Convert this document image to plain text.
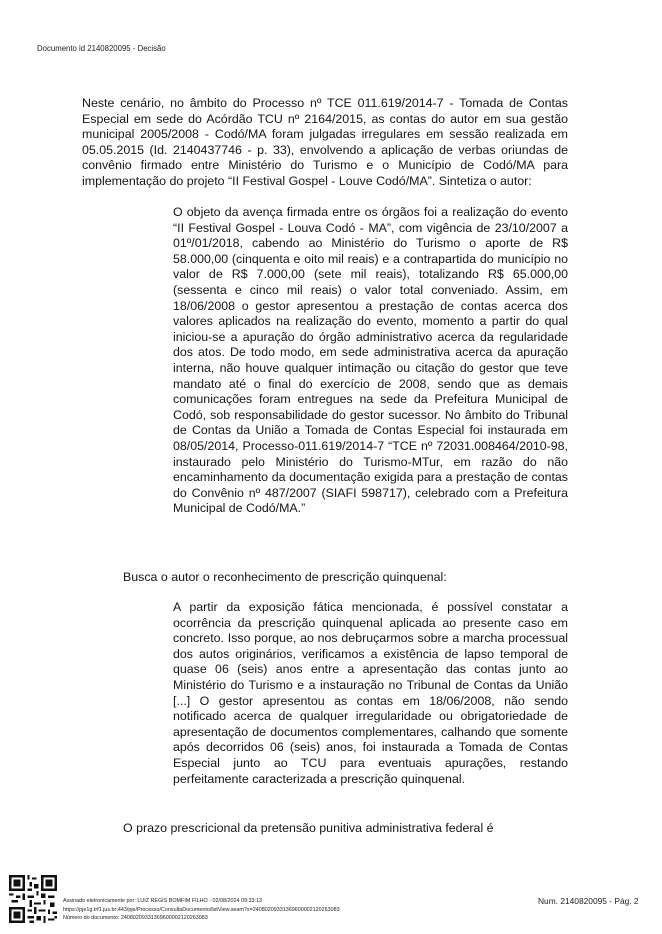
Documento id 2140820095 - Decisão

Neste cenário, no âmbito do Processo nº TCE 011.619/2014-7 - Tomada de Contas Especial em sede do Acórdão TCU nº 2164/2015, as contas do autor em sua gestão municipal 2005/2008 - Codó/MA foram julgadas irregulares em sessão realizada em 05.05.2015 (Id. 2140437746 - p. 33), envolvendo a aplicação de verbas oriundas de convênio firmado entre Ministério do Turismo e o Município de Codó/MA para implementação do projeto “II Festival Gospel - Louve Codó/MA”. Sintetiza o autor:

O objeto da avença firmada entre os órgãos foi a realização do evento “II Festival Gospel - Louva Codó - MA”, com vigência de 23/10/2007 a 01º/01/2018, cabendo ao Ministério do Turismo o aporte de R$ 58.000,00 (cinquenta e oito mil reais) e a contrapartida do município no valor de R$ 7.000,00 (sete mil reais), totalizando R$ 65.000,00 (sessenta e cinco mil reais) o valor total conveniado. Assim, em 18/06/2008 o gestor apresentou a prestação de contas acerca dos valores aplicados na realização do evento, momento a partir do qual iniciou-se a apuração do órgão administrativo acerca da regularidade dos atos. De todo modo, em sede administrativa acerca da apuração interna, não houve qualquer intimação ou citação do gestor que teve mandato até o final do exercício de 2008, sendo que as demais comunicações foram entregues na sede da Prefeitura Municipal de Codó, sob responsabilidade do gestor sucessor. No âmbito do Tribunal de Contas da União a Tomada de Contas Especial foi instaurada em 08/05/2014, Processo-011.619/2014-7 “TCE nº 72031.008464/2010-98, instaurado pelo Ministério do Turismo-MTur, em razão do não encaminhamento da documentação exigida para a prestação de contas do Convênio nº 487/2007 (SIAFI 598717), celebrado com a Prefeitura Municipal de Codó/MA.”

Busca o autor o reconhecimento de prescrição quinquenal:

A partir da exposição fática mencionada, é possível constatar a ocorrência da prescrição quinquenal aplicada ao presente caso em concreto. Isso porque, ao nos debruçarmos sobre a marcha processual dos autos originários, verificamos a existência de lapso temporal de quase 06 (seis) anos entre a apresentação das contas junto ao Ministério do Turismo e a instauração no Tribunal de Contas da União [...] O gestor apresentou as contas em 18/06/2008, não sendo notificado acerca de qualquer irregularidade ou obrigatoriedade de apresentação de documentos complementares, calhando que somente após decorridos 06 (seis) anos, foi instaurada a Tomada de Contas Especial junto ao TCU para eventuais apurações, restando perfeitamente caracterizada a prescrição quinquenal.

O prazo prescricional da pretensão punitiva administrativa federal é

Assinado eletronicamente por: LUIZ REGIS BOMFIM FILHO - 02/08/2024 09:33:13
https://pje1g.trf1.jus.br:443/pje/Processo/ConsultaDocumento/listView.seam?x=24080209331369600002120263083
Número do documento: 24080209331369600002120263083
Num. 2140820095 - Pág. 2
